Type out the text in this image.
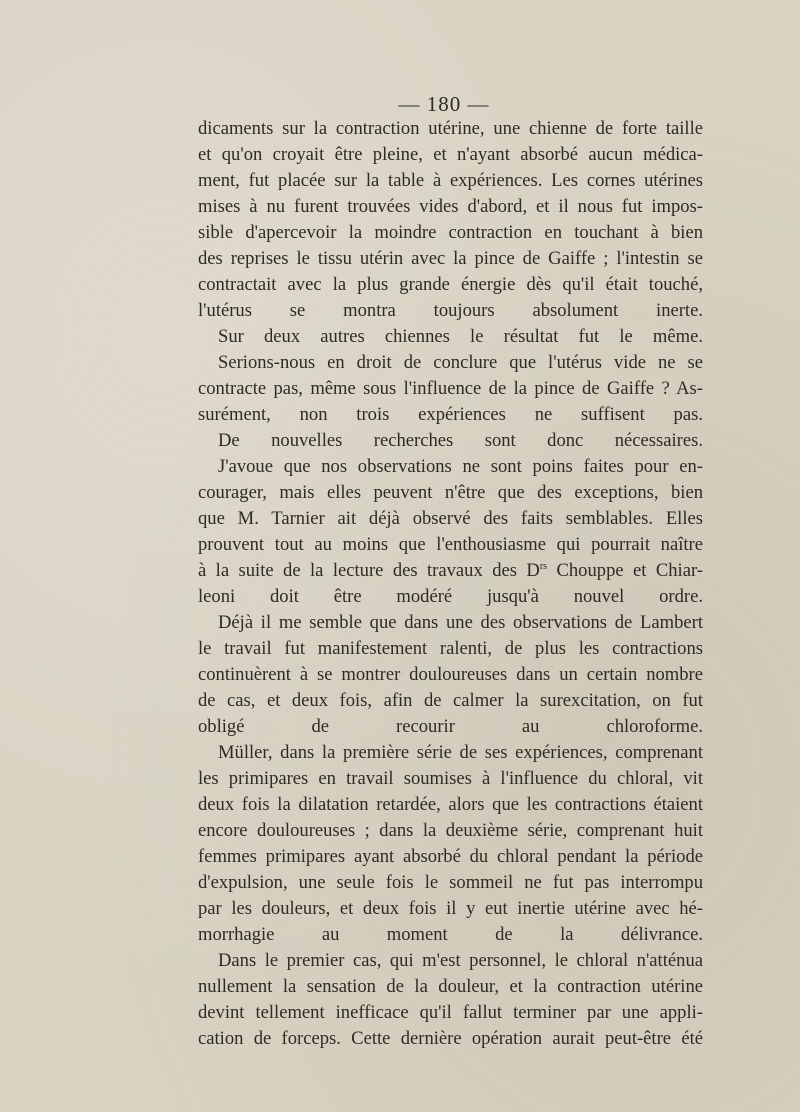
— 180 —
dicaments sur la contraction utérine, une chienne de forte taille
et qu'on croyait être pleine, et n'ayant absorbé aucun médica-
ment, fut placée sur la table à expériences. Les cornes utérines
mises à nu furent trouvées vides d'abord, et il nous fut impos-
sible d'apercevoir la moindre contraction en touchant à bien
des reprises le tissu utérin avec la pince de Gaiffe ; l'intestin se
contractait avec la plus grande énergie dès qu'il était touché,
l'utérus se montra toujours absolument inerte.
Sur deux autres chiennes le résultat fut le même.
Serions-nous en droit de conclure que l'utérus vide ne se
contracte pas, même sous l'influence de la pince de Gaiffe ? As-
surément, non trois expériences ne suffisent pas.
De nouvelles recherches sont donc nécessaires.
J'avoue que nos observations ne sont poins faites pour en-
courager, mais elles peuvent n'être que des exceptions, bien
que M. Tarnier ait déjà observé des faits semblables. Elles
prouvent tout au moins que l'enthousiasme qui pourrait naître
à la suite de la lecture des travaux des $D^{rs}$ Chouppe et Chiar-
leoni doit être modéré jusqu'à nouvel ordre.
Déjà il me semble que dans une des observations de Lambert
le travail fut manifestement ralenti, de plus les contractions
continuèrent à se montrer douloureuses dans un certain nombre
de cas, et deux fois, afin de calmer la surexcitation, on fut
obligé de recourir au chloroforme.
Müller, dans la première série de ses expériences, comprenant
les primipares en travail soumises à l'influence du chloral, vit
deux fois la dilatation retardée, alors que les contractions étaient
encore douloureuses ; dans la deuxième série, comprenant huit
femmes primipares ayant absorbé du chloral pendant la période
d'expulsion, une seule fois le sommeil ne fut pas interrompu
par les douleurs, et deux fois il y eut inertie utérine avec hé-
morrhagie au moment de la délivrance.
Dans le premier cas, qui m'est personnel, le chloral n'atténua
nullement la sensation de la douleur, et la contraction utérine
devint tellement inefficace qu'il fallut terminer par une appli-
cation de forceps. Cette dernière opération aurait peut-être été
